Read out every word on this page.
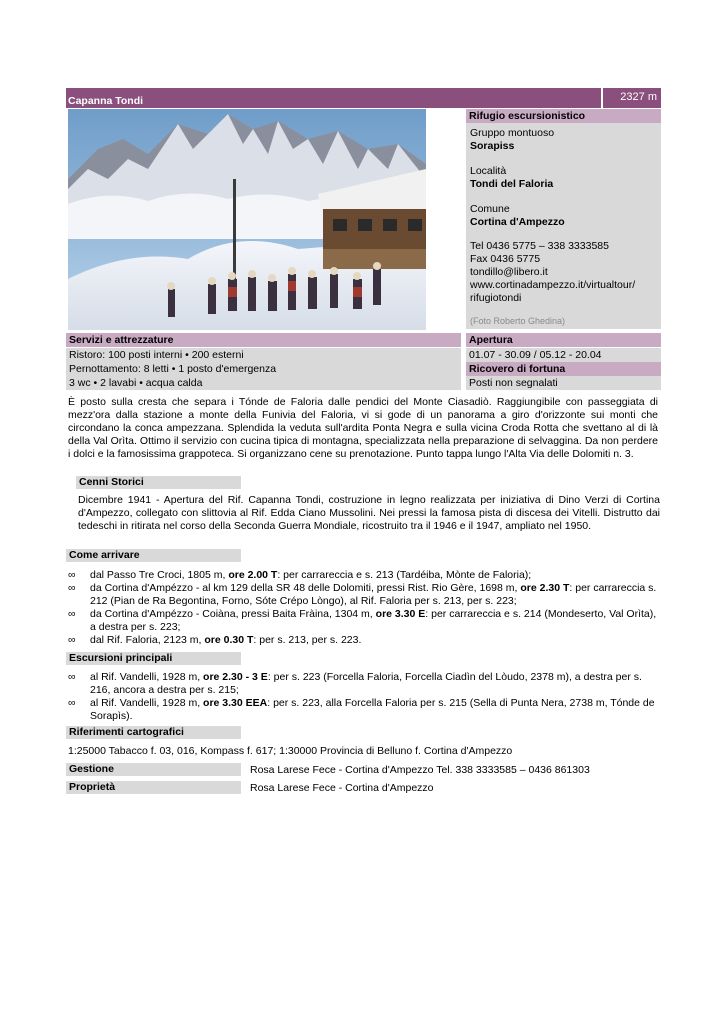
Capanna Tondi	2327 m
Rifugio escursionistico
Gruppo montuoso
Sorapiss
Località
Tondi del Faloria
Comune
Cortina d'Ampezzo
Tel 0436 5775 – 338 3333585
Fax 0436 5775
tondillo@libero.it
www.cortinadampezzo.it/virtualtour/
rifugiotondi
(Foto Roberto Ghedina)
Servizi e attrezzature
Ristoro: 100 posti interni • 200 esterni
Pernottamento: 8 letti • 1 posto d'emergenza
3 wc • 2 lavabi • acqua calda
Apertura
01.07 - 30.09 / 05.12 - 20.04
Ricovero di fortuna
Posti non segnalati
È posto sulla cresta che separa i Tónde de Faloria dalle pendici del Monte Ciasadiò. Raggiungibile con passeggiata di mezz'ora dalla stazione a monte della Funivia del Faloria, vi si gode di un panorama a giro d'orizzonte sui monti che circondano la conca ampezzana. Splendida la veduta sull'ardita Ponta Negra e sulla vicina Croda Rotta che svettano al di là della Val Orìta. Ottimo il servizio con cucina tipica di montagna, specializzata nella preparazione di selvaggina. Da non perdere i dolci e la famosissima grappoteca. Si organizzano cene su prenotazione. Punto tappa lungo l'Alta Via delle Dolomiti n. 3.
Cenni Storici
Dicembre 1941 - Apertura del Rif. Capanna Tondi, costruzione in legno realizzata per iniziativa di Dino Verzi di Cortina d'Ampezzo, collegato con slittovia al Rif. Edda Ciano Mussolini. Nei pressi la famosa pista di discesa dei Vitelli. Distrutto dai tedeschi in ritirata nel corso della Seconda Guerra Mondiale, ricostruito tra il 1946 e il 1947, ampliato nel 1950.
Come arrivare
∞ dal Passo Tre Croci, 1805 m, ore 2.00 T: per carrareccia e s. 213 (Tardéiba, Mònte de Faloria);
∞ da Cortina d'Ampézzo - al km 129 della SR 48 delle Dolomiti, pressi Rist. Rio Gère, 1698 m, ore 2.30 T: per carrareccia s. 212 (Pian de Ra Begontina, Forno, Sóte Crépo Lòngo), al Rif. Faloria per s. 213, per s. 223;
∞ da Cortina d'Ampézzo - Coiàna, pressi Baita Fràina, 1304 m, ore 3.30 E: per carrareccia e s. 214 (Mondeserto, Val Orìta), a destra per s. 223;
∞ dal Rif. Faloria, 2123 m, ore 0.30 T: per s. 213, per s. 223.
Escursioni principali
∞ al Rif. Vandelli, 1928 m, ore 2.30 - 3 E: per s. 223 (Forcella Faloria, Forcella Ciadìn del Lòudo, 2378 m), a destra per s. 216, ancora a destra per s. 215;
∞ al Rif. Vandelli, 1928 m, ore 3.30 EEA: per s. 223, alla Forcella Faloria per s. 215 (Sella di Punta Nera, 2738 m, Tónde de Sorapìs).
Riferimenti cartografici
1:25000 Tabacco f. 03, 016, Kompass f. 617; 1:30000 Provincia di Belluno f. Cortina d'Ampezzo
Gestione	Rosa Larese Fece - Cortina d'Ampezzo Tel. 338 3333585 – 0436 861303
Proprietà	Rosa Larese Fece - Cortina d'Ampezzo
